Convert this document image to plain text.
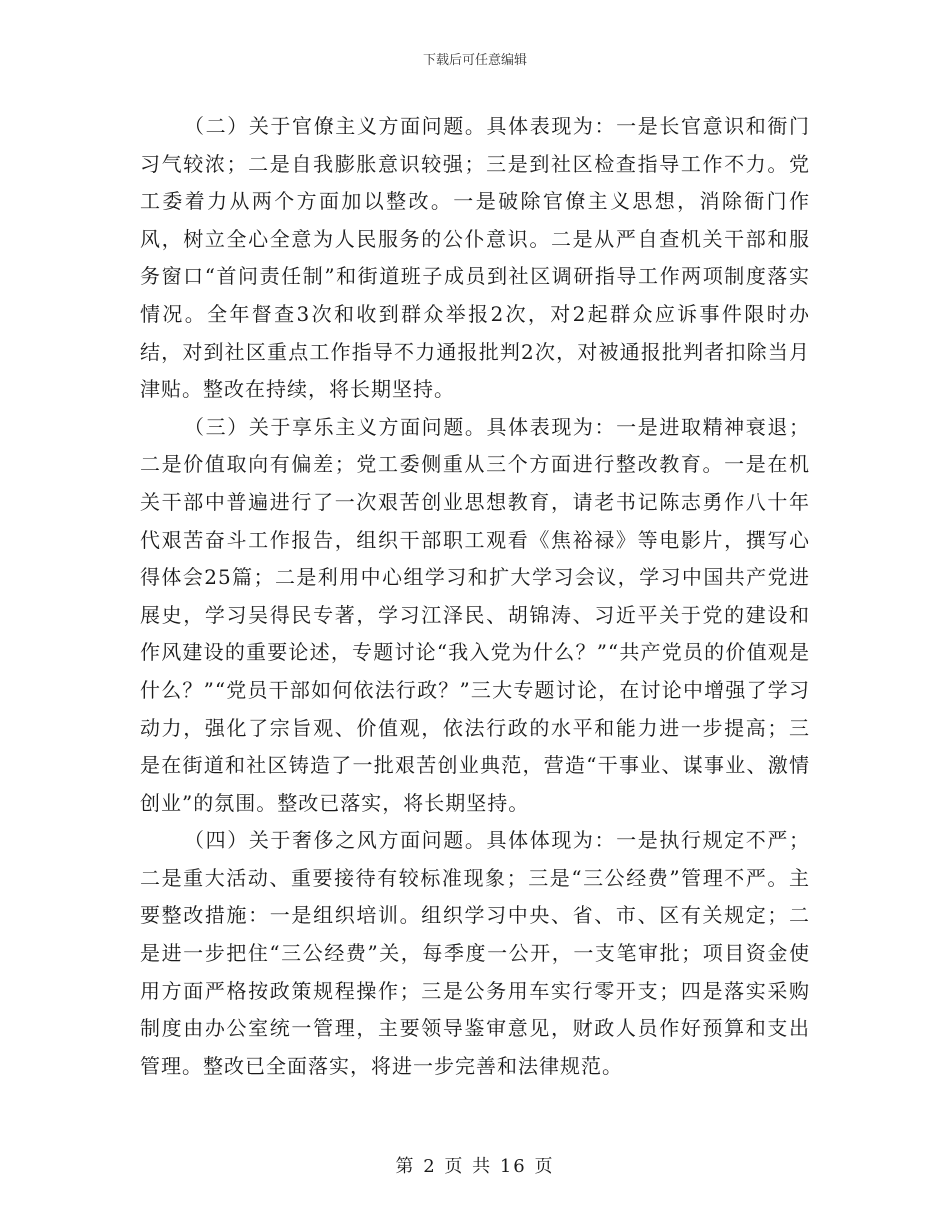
下载后可任意编辑

（二）关于官僚主义方面问题。具体表现为：一是长官意识和衙门习气较浓；二是自我膨胀意识较强；三是到社区检查指导工作不力。党工委着力从两个方面加以整改。一是破除官僚主义思想，消除衙门作风，树立全心全意为人民服务的公仆意识。二是从严自查机关干部和服务窗口“首问责任制”和街道班子成员到社区调研指导工作两项制度落实情况。全年督查3次和收到群众举报2次，对2起群众应诉事件限时办结，对到社区重点工作指导不力通报批判2次，对被通报批判者扣除当月津贴。整改在持续，将长期坚持。

（三）关于享乐主义方面问题。具体表现为：一是进取精神衰退；二是价值取向有偏差；党工委侧重从三个方面进行整改教育。一是在机关干部中普遍进行了一次艰苦创业思想教育，请老书记陈志勇作八十年代艰苦奋斗工作报告，组织干部职工观看《焦裕禄》等电影片，撰写心得体会25篇；二是利用中心组学习和扩大学习会议，学习中国共产党进展史，学习吴得民专著，学习江泽民、胡锦涛、习近平关于党的建设和作风建设的重要论述，专题讨论“我入党为什么？”“共产党员的价值观是什么？”“党员干部如何依法行政？”三大专题讨论，在讨论中增强了学习动力，强化了宗旨观、价值观，依法行政的水平和能力进一步提高；三是在街道和社区铸造了一批艰苦创业典范，营造“干事业、谋事业、激情创业”的氛围。整改已落实，将长期坚持。

（四）关于奢侈之风方面问题。具体体现为：一是执行规定不严；二是重大活动、重要接待有较标准现象；三是“三公经费”管理不严。主要整改措施：一是组织培训。组织学习中央、省、市、区有关规定；二是进一步把住“三公经费”关，每季度一公开，一支笔审批；项目资金使用方面严格按政策规程操作；三是公务用车实行零开支；四是落实采购制度由办公室统一管理，主要领导鉴审意见，财政人员作好预算和支出管理。整改已全面落实，将进一步完善和法律规范。

第 2 页 共 16 页
